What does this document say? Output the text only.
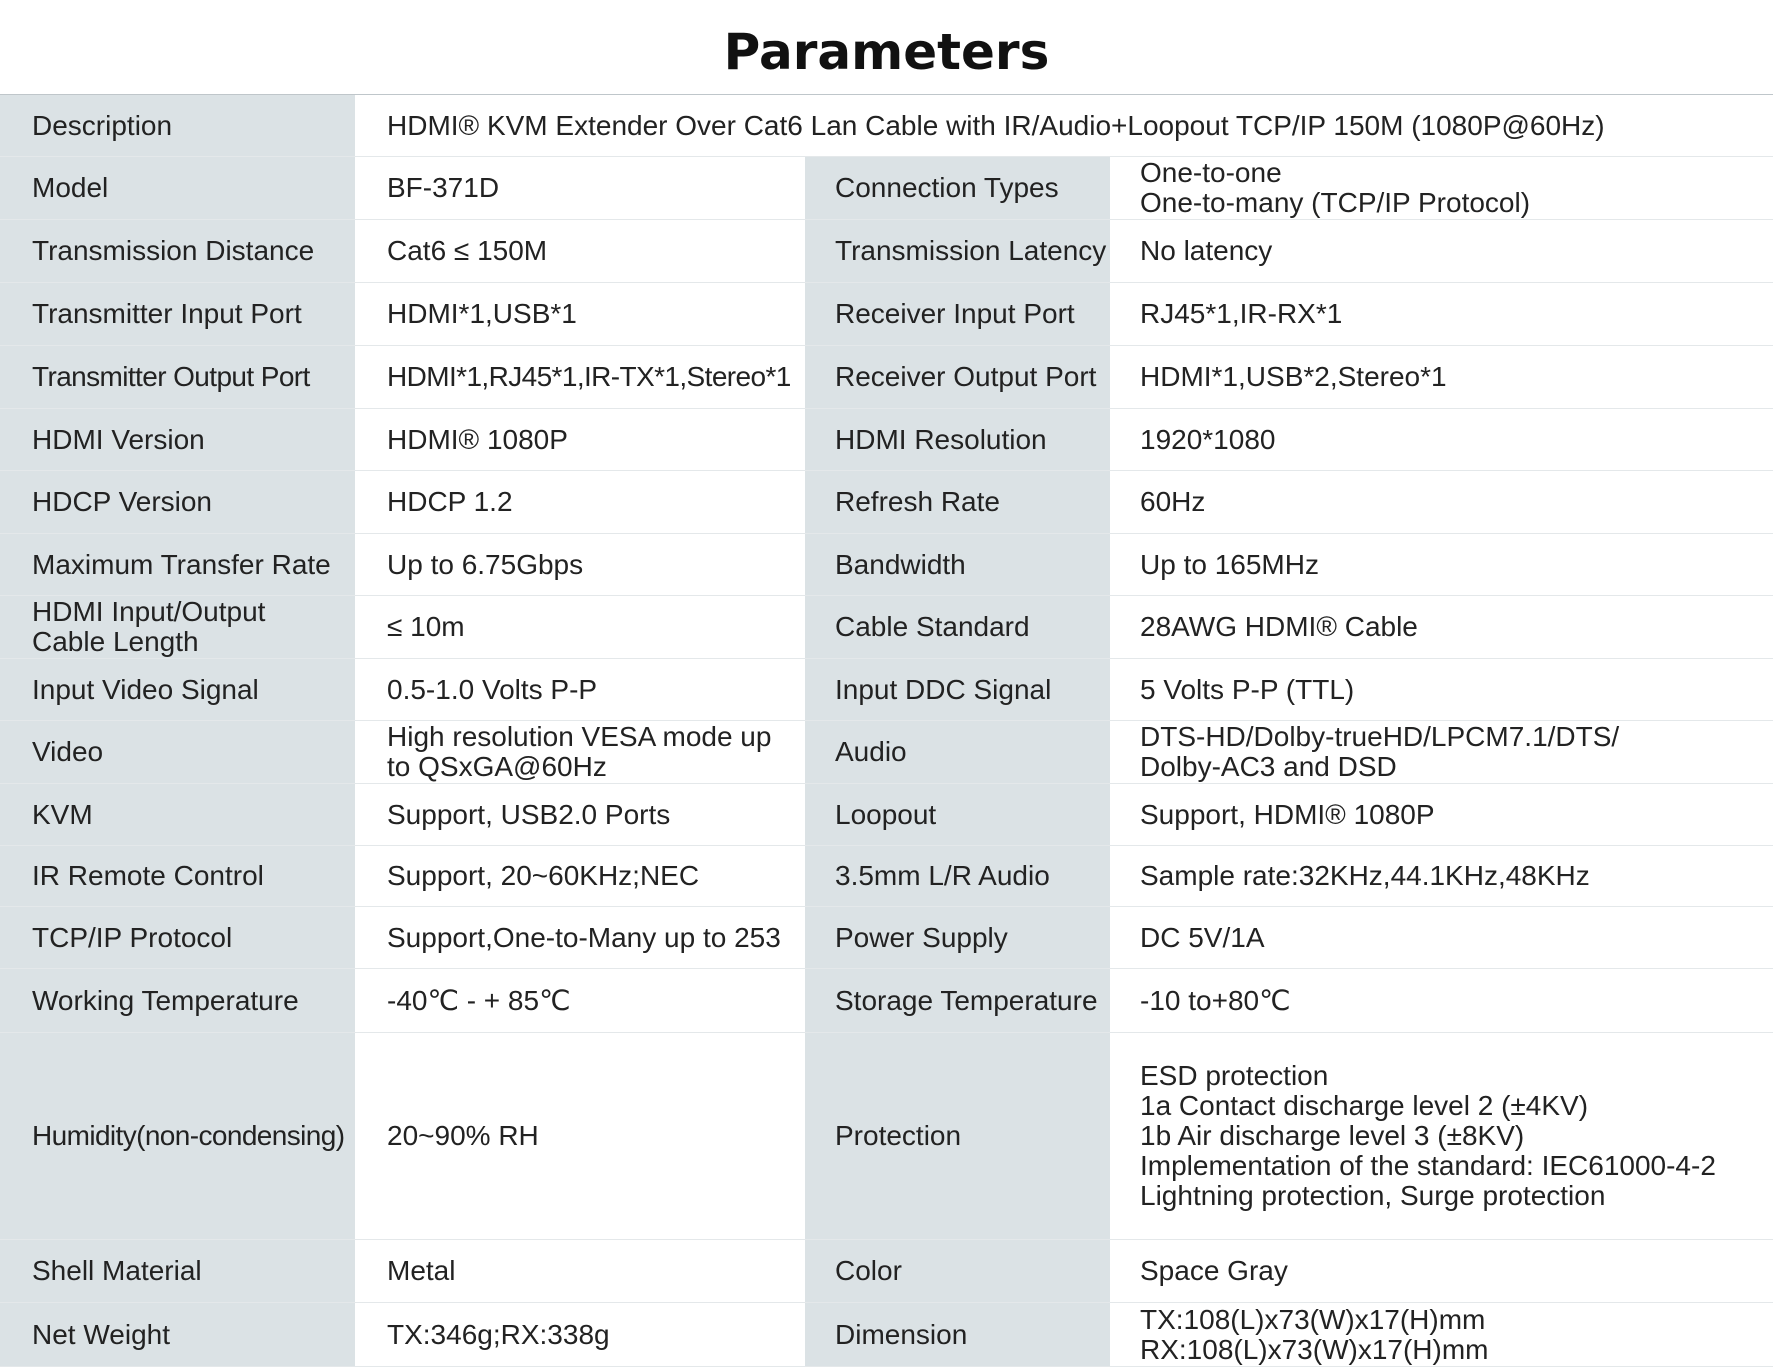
Parameters
Description	HDMI® KVM Extender Over Cat6 Lan Cable with IR/Audio+Loopout TCP/IP 150M (1080P@60Hz)		
Model	BF-371D	Connection Types	One-to-one
One-to-many (TCP/IP Protocol)
Transmission Distance	Cat6 ≤ 150M	Transmission Latency	No latency
Transmitter Input Port	HDMI*1,USB*1	Receiver Input Port	RJ45*1,IR-RX*1
Transmitter Output Port	HDMI*1,RJ45*1,IR-TX*1,Stereo*1	Receiver Output Port	HDMI*1,USB*2,Stereo*1
HDMI Version	HDMI® 1080P	HDMI Resolution	1920*1080
HDCP Version	HDCP 1.2	Refresh Rate	60Hz
Maximum Transfer Rate	Up to 6.75Gbps	Bandwidth	Up to 165MHz
HDMI Input/Output
Cable Length	≤ 10m	Cable Standard	28AWG HDMI® Cable
Input Video Signal	0.5-1.0 Volts P-P	Input DDC Signal	5 Volts P-P (TTL)
Video	High resolution VESA mode up
to QSxGA@60Hz	Audio	DTS-HD/Dolby-trueHD/LPCM7.1/DTS/
Dolby-AC3 and DSD
KVM	Support, USB2.0 Ports	Loopout	Support, HDMI® 1080P
IR Remote Control	Support, 20~60KHz;NEC	3.5mm L/R Audio	Sample rate:32KHz,44.1KHz,48KHz
TCP/IP Protocol	Support,One-to-Many up to 253	Power Supply	DC 5V/1A
Working Temperature	-40℃ - + 85℃	Storage Temperature	-10 to+80℃
Humidity(non-condensing)	20~90% RH	Protection	ESD protection
1a Contact discharge level 2 (±4KV)
1b Air discharge level 3 (±8KV)
Implementation of the standard: IEC61000-4-2
Lightning protection, Surge protection
Shell Material	Metal	Color	Space Gray
Net Weight	TX:346g;RX:338g	Dimension	TX:108(L)x73(W)x17(H)mm
RX:108(L)x73(W)x17(H)mm
